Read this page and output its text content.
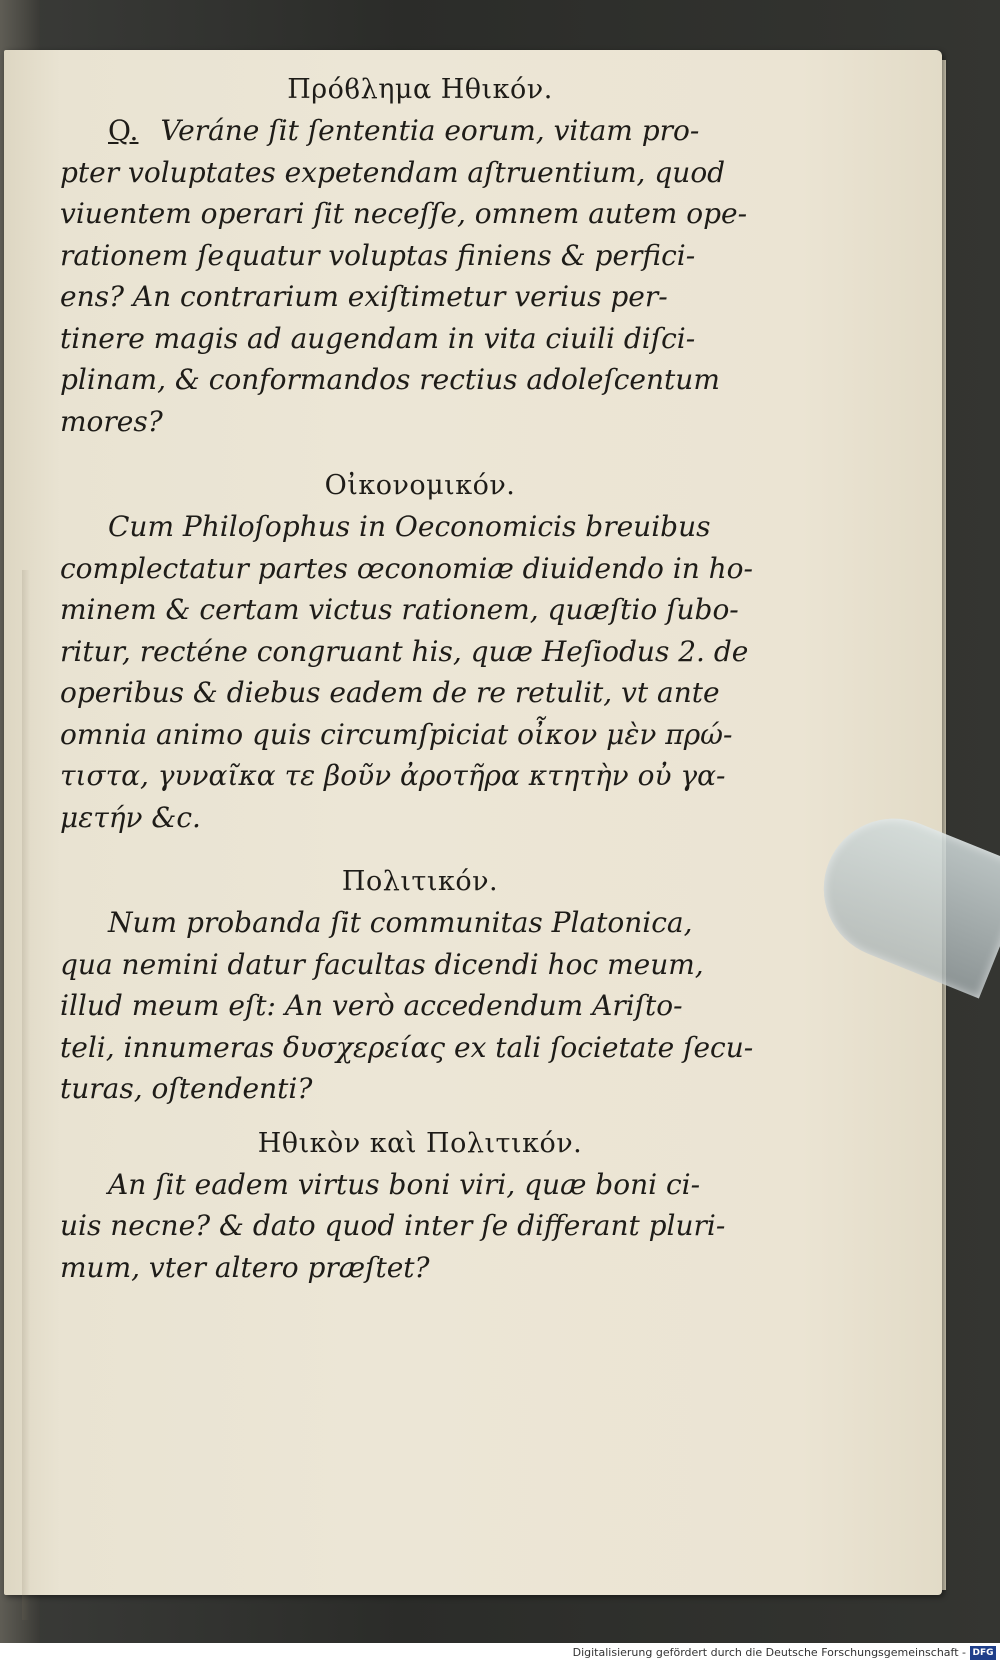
Πρόϐλημα Ηθικόν.

Q. Veráne ſit ſententia eorum, vitam pro-
pter voluptates expetendam aſtruentium, quod
viuentem operari ſit neceſſe, omnem autem ope-
rationem ſequatur voluptas finiens & perfici-
ens? An contrarium exiſtimetur verius per-
tinere magis ad augendam in vita ciuili diſci-
plinam, & conformandos rectius adoleſcentum
mores?

Οἰκονομικόν.

Cum Philoſophus in Oeconomicis breuibus
complectatur partes œconomiæ diuidendo in ho-
minem & certam victus rationem, quæſtio ſubo-
ritur, recténe congruant his, quæ Heſiodus 2. de
operibus & diebus eadem de re retulit, vt ante
omnia animo quis circumſpiciat οἶκον μὲν πρώ-
τιστα, γυναῖκα τε βοῦν ἀροτῆρα κτητὴν οὐ γα-
μετήν &c.

Πολιτικόν.

Num probanda ſit communitas Platonica,
qua nemini datur facultas dicendi hoc meum,
illud meum eſt: An verò accedendum Ariſto-
teli, innumeras δυσχερείας ex tali ſocietate ſecu-
turas, oſtendenti?

Ηθικὸν καὶ Πολιτικόν.

An ſit eadem virtus boni viri, quæ boni ci-
uis necne? & dato quod inter ſe differant pluri-
mum, vter altero præſtet?

Digitalisierung gefördert durch die Deutsche Forschungsgemeinschaft - DFG
